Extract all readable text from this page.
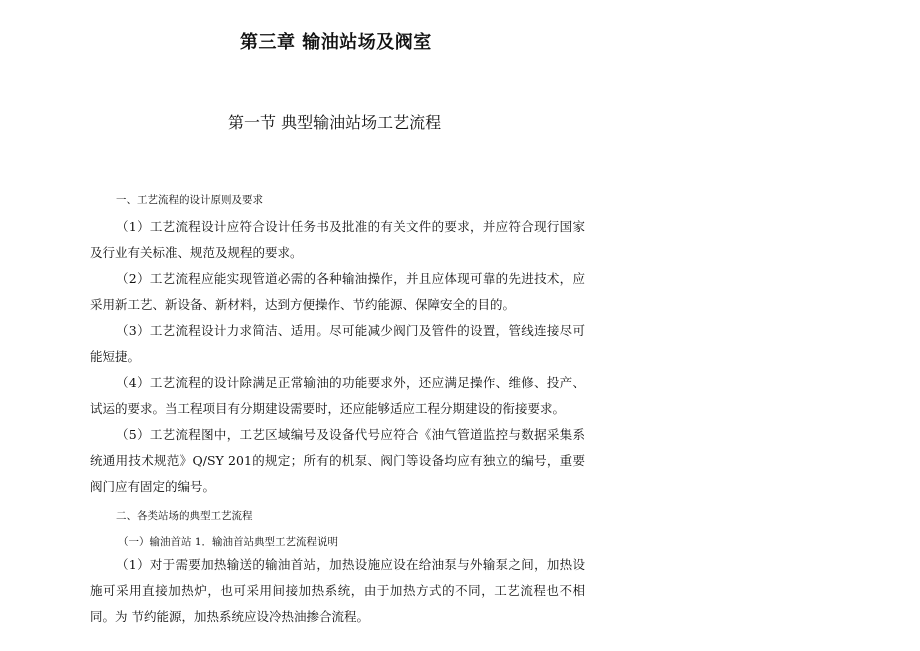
第三章 输油站场及阀室
第一节 典型输油站场工艺流程
一、工艺流程的设计原则及要求

（1）工艺流程设计应符合设计任务书及批准的有关文件的要求，并应符合现行国家及行业有关标准、规范及规程的要求。

（2）工艺流程应能实现管道必需的各种输油操作，并且应体现可靠的先进技术，应采用新工艺、新设备、新材料，达到方便操作、节约能源、保障安全的目的。

（3）工艺流程设计力求简洁、适用。尽可能减少阀门及管件的设置，管线连接尽可能短捷。

（4）工艺流程的设计除满足正常输油的功能要求外，还应满足操作、维修、投产、试运的要求。当工程项目有分期建设需要时，还应能够适应工程分期建设的衔接要求。

（5）工艺流程图中，工艺区域编号及设备代号应符合《油气管道监控与数据采集系统通用技术规范》Q/SY 201的规定；所有的机泵、阀门等设备均应有独立的编号，重要阀门应有固定的编号。

二、各类站场的典型工艺流程
（一）输油首站 1．输油首站典型工艺流程说明

（1）对于需要加热输送的输油首站，加热设施应设在给油泵与外输泵之间，加热设施可采用直接加热炉，也可采用间接加热系统，由于加热方式的不同，工艺流程也不相同。为 节约能源，加热系统应设冷热油掺合流程。
